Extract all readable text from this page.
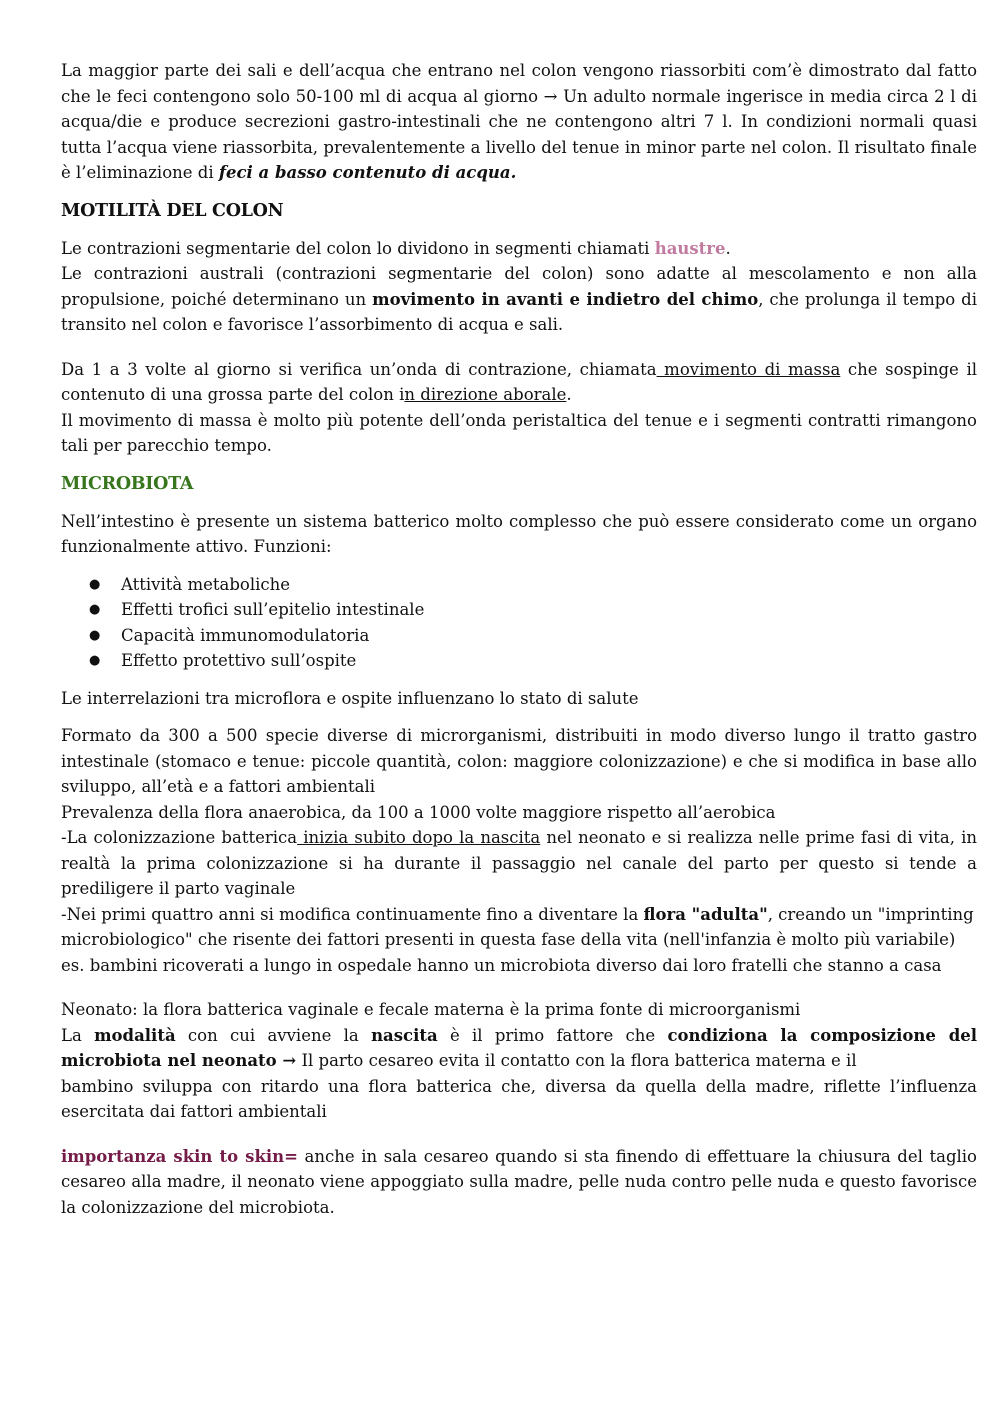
La maggior parte dei sali e dell’acqua che entrano nel colon vengono riassorbiti com’è dimostrato dal fatto che le feci contengono solo 50-100 ml di acqua al giorno → Un adulto normale ingerisce in media circa 2 l di acqua/die e produce secrezioni gastro-intestinali che ne contengono altri 7 l. In condizioni normali quasi tutta l’acqua viene riassorbita, prevalentemente a livello del tenue in minor parte nel colon. Il risultato finale è l’eliminazione di feci a basso contenuto di acqua.

MOTILITÀ DEL COLON

Le contrazioni segmentarie del colon lo dividono in segmenti chiamati haustre.

Le contrazioni australi (contrazioni segmentarie del colon) sono adatte al mescolamento e non alla propulsione, poiché determinano un movimento in avanti e indietro del chimo, che prolunga il tempo di transito nel colon e favorisce l’assorbimento di acqua e sali.

Da 1 a 3 volte al giorno si verifica un’onda di contrazione, chiamata movimento di massa che sospinge il contenuto di una grossa parte del colon in direzione aborale.

Il movimento di massa è molto più potente dell’onda peristaltica del tenue e i segmenti contratti rimangono tali per parecchio tempo.

MICROBIOTA

Nell’intestino è presente un sistema batterico molto complesso che può essere considerato come un organo funzionalmente attivo. Funzioni:

● Attività metaboliche
● Effetti trofici sull’epitelio intestinale
● Capacità immunomodulatoria
● Effetto protettivo sull’ospite

Le interrelazioni tra microflora e ospite influenzano lo stato di salute

Formato da 300 a 500 specie diverse di microrganismi, distribuiti in modo diverso lungo il tratto gastro intestinale (stomaco e tenue: piccole quantità, colon: maggiore colonizzazione) e che si modifica in base allo sviluppo, all’età e a fattori ambientali

Prevalenza della flora anaerobica, da 100 a 1000 volte maggiore rispetto all’aerobica

-La colonizzazione batterica inizia subito dopo la nascita nel neonato e si realizza nelle prime fasi di vita, in realtà la prima colonizzazione si ha durante il passaggio nel canale del parto per questo si tende a prediligere il parto vaginale

-Nei primi quattro anni si modifica continuamente fino a diventare la flora "adulta", creando un "imprinting microbiologico" che risente dei fattori presenti in questa fase della vita (nell'infanzia è molto più variabile)

es. bambini ricoverati a lungo in ospedale hanno un microbiota diverso dai loro fratelli che stanno a casa

Neonato: la flora batterica vaginale e fecale materna è la prima fonte di microorganismi

La modalità con cui avviene la nascita è il primo fattore che condiziona la composizione del microbiota nel neonato → Il parto cesareo evita il contatto con la flora batterica materna e il

bambino sviluppa con ritardo una flora batterica che, diversa da quella della madre, riflette l’influenza esercitata dai fattori ambientali

importanza skin to skin= anche in sala cesareo quando si sta finendo di effettuare la chiusura del taglio cesareo alla madre, il neonato viene appoggiato sulla madre, pelle nuda contro pelle nuda e questo favorisce la colonizzazione del microbiota.
